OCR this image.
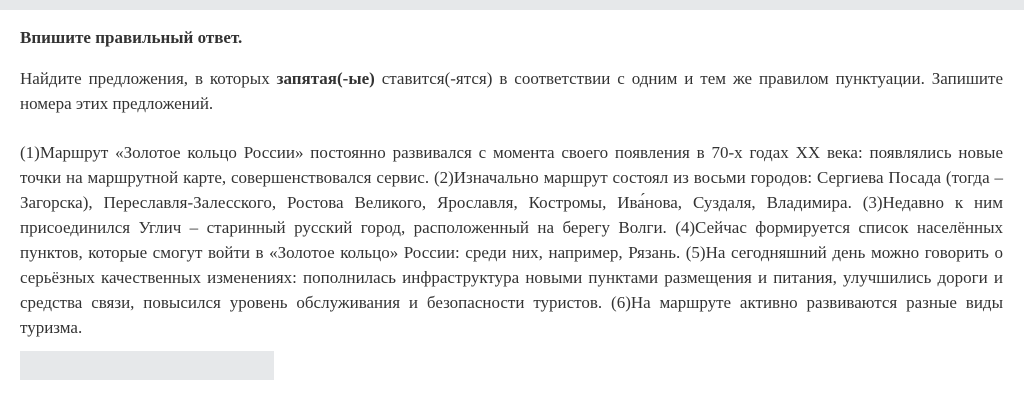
Впишите правильный ответ.

Найдите предложения, в которых запятая(-ые) ставится(-ятся) в соответствии с одним и тем же правилом пунктуации. Запишите номера этих предложений.

(1)Маршрут «Золотое кольцо России» постоянно развивался с момента своего появления в 70-х годах XX века: появлялись новые точки на маршрутной карте, совершенствовался сервис. (2)Изначально маршрут состоял из восьми городов: Сергиева Посада (тогда – Загорска), Переславля-Залесского, Ростова Великого, Ярославля, Костромы, Ива́нова, Суздаля, Владимира. (3)Недавно к ним присоединился Углич – старинный русский город, расположенный на берегу Волги. (4)Сейчас формируется список населённых пунктов, которые смогут войти в «Золотое кольцо» России: среди них, например, Рязань. (5)На сегодняшний день можно говорить о серьёзных качественных изменениях: пополнилась инфраструктура новыми пунктами размещения и питания, улучшились дороги и средства связи, повысился уровень обслуживания и безопасности туристов. (6)На маршруте активно развиваются разные виды туризма.
